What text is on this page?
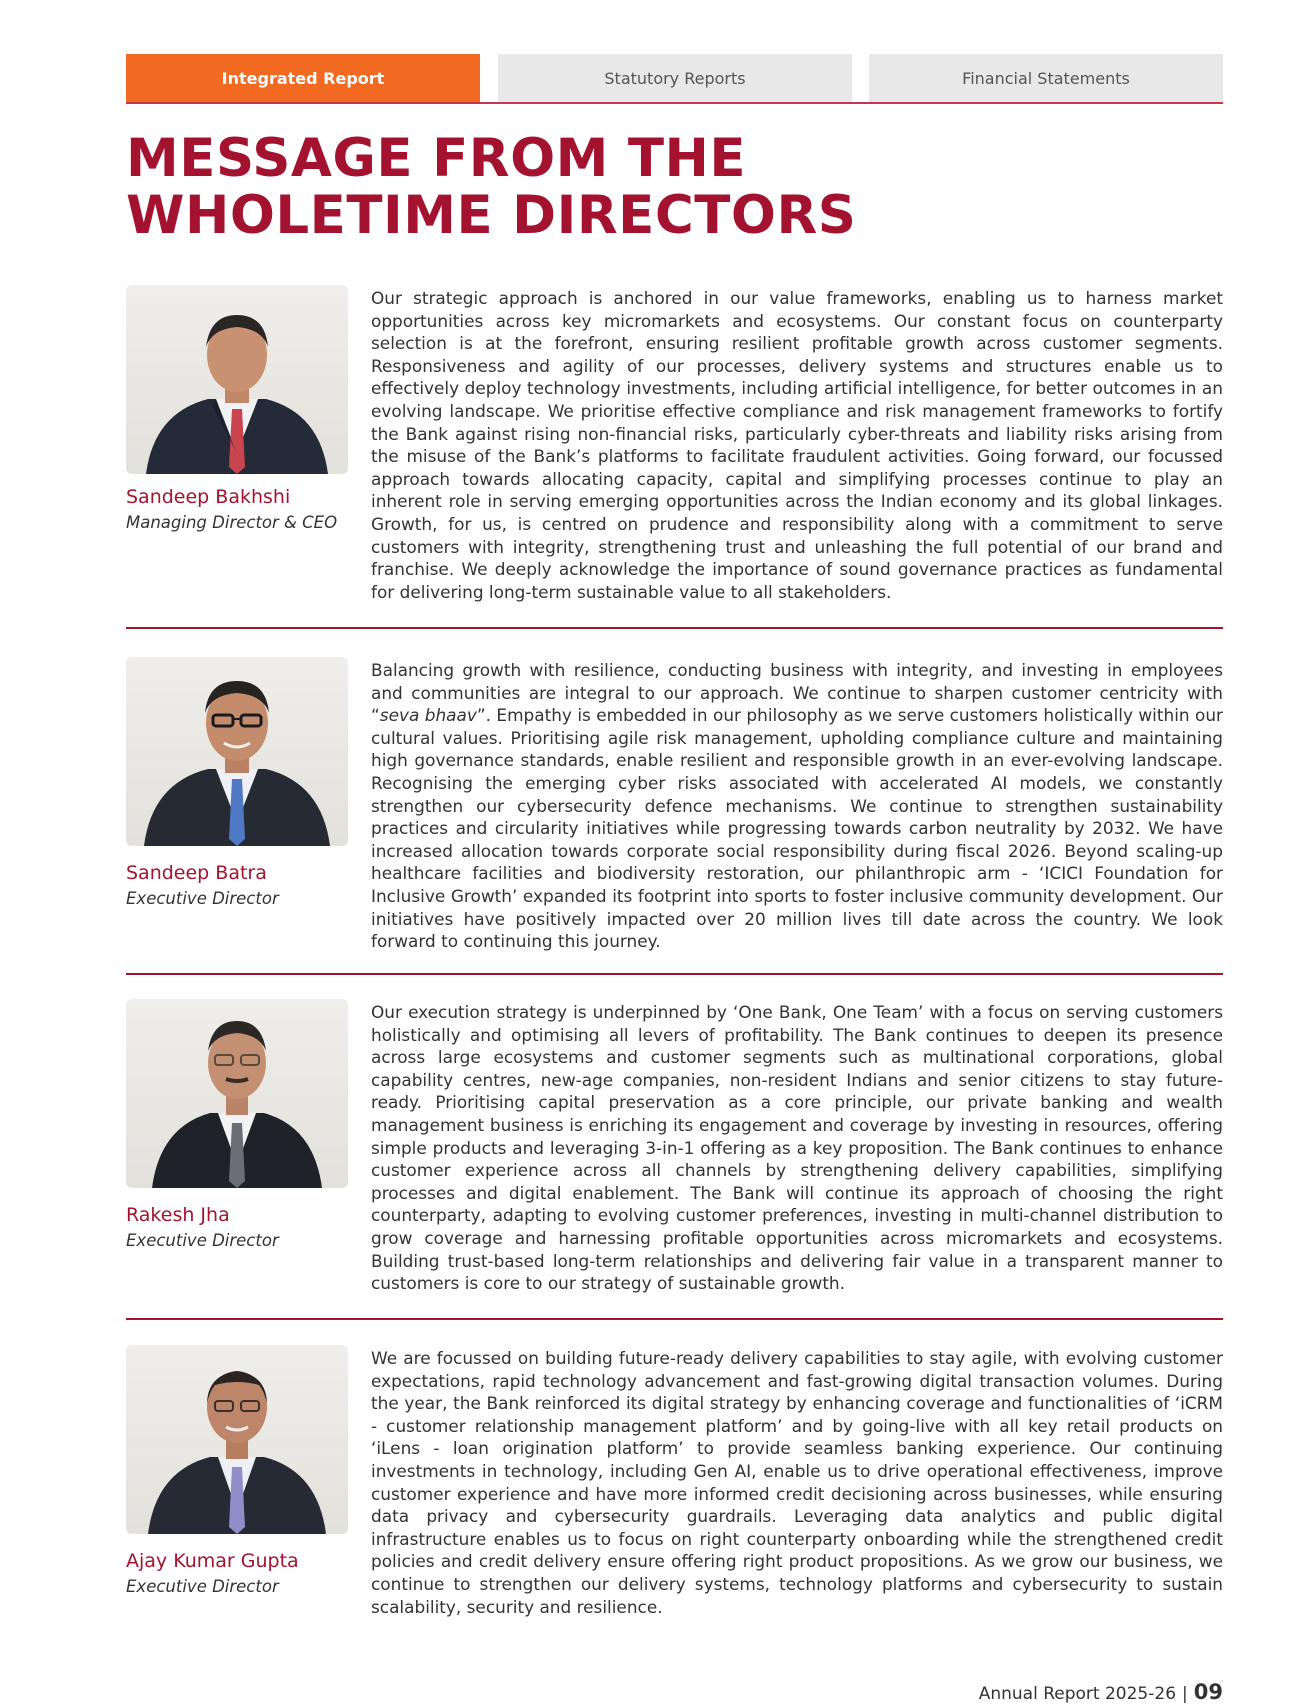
Integrated Report	Statutory Reports	Financial Statements
MESSAGE FROM THE WHOLETIME DIRECTORS
Sandeep Bakhshi
Managing Director & CEO

Our strategic approach is anchored in our value frameworks, enabling us to harness market opportunities across key micromarkets and ecosystems. Our constant focus on counterparty selection is at the forefront, ensuring resilient profitable growth across customer segments. Responsiveness and agility of our processes, delivery systems and structures enable us to effectively deploy technology investments, including artificial intelligence, for better outcomes in an evolving landscape. We prioritise effective compliance and risk management frameworks to fortify the Bank against rising non-financial risks, particularly cyber-threats and liability risks arising from the misuse of the Bank’s platforms to facilitate fraudulent activities. Going forward, our focussed approach towards allocating capacity, capital and simplifying processes continue to play an inherent role in serving emerging opportunities across the Indian economy and its global linkages. Growth, for us, is centred on prudence and responsibility along with a commitment to serve customers with integrity, strengthening trust and unleashing the full potential of our brand and franchise. We deeply acknowledge the importance of sound governance practices as fundamental for delivering long-term sustainable value to all stakeholders.

Sandeep Batra
Executive Director

Balancing growth with resilience, conducting business with integrity, and investing in employees and communities are integral to our approach. We continue to sharpen customer centricity with “seva bhaav”. Empathy is embedded in our philosophy as we serve customers holistically within our cultural values. Prioritising agile risk management, upholding compliance culture and maintaining high governance standards, enable resilient and responsible growth in an ever-evolving landscape. Recognising the emerging cyber risks associated with accelerated AI models, we constantly strengthen our cybersecurity defence mechanisms. We continue to strengthen sustainability practices and circularity initiatives while progressing towards carbon neutrality by 2032. We have increased allocation towards corporate social responsibility during fiscal 2026. Beyond scaling-up healthcare facilities and biodiversity restoration, our philanthropic arm - ‘ICICI Foundation for Inclusive Growth’ expanded its footprint into sports to foster inclusive community development. Our initiatives have positively impacted over 20 million lives till date across the country. We look forward to continuing this journey.

Rakesh Jha
Executive Director

Our execution strategy is underpinned by ‘One Bank, One Team’ with a focus on serving customers holistically and optimising all levers of profitability. The Bank continues to deepen its presence across large ecosystems and customer segments such as multinational corporations, global capability centres, new-age companies, non-resident Indians and senior citizens to stay future-ready. Prioritising capital preservation as a core principle, our private banking and wealth management business is enriching its engagement and coverage by investing in resources, offering simple products and leveraging 3-in-1 offering as a key proposition. The Bank continues to enhance customer experience across all channels by strengthening delivery capabilities, simplifying processes and digital enablement. The Bank will continue its approach of choosing the right counterparty, adapting to evolving customer preferences, investing in multi-channel distribution to grow coverage and harnessing profitable opportunities across micromarkets and ecosystems. Building trust-based long-term relationships and delivering fair value in a transparent manner to customers is core to our strategy of sustainable growth.

Ajay Kumar Gupta
Executive Director

We are focussed on building future-ready delivery capabilities to stay agile, with evolving customer expectations, rapid technology advancement and fast-growing digital transaction volumes. During the year, the Bank reinforced its digital strategy by enhancing coverage and functionalities of ‘iCRM - customer relationship management platform’ and by going-live with all key retail products on ‘iLens - loan origination platform’ to provide seamless banking experience. Our continuing investments in technology, including Gen AI, enable us to drive operational effectiveness, improve customer experience and have more informed credit decisioning across businesses, while ensuring data privacy and cybersecurity guardrails. Leveraging data analytics and public digital infrastructure enables us to focus on right counterparty onboarding while the strengthened credit policies and credit delivery ensure offering right product propositions. As we grow our business, we continue to strengthen our delivery systems, technology platforms and cybersecurity to sustain scalability, security and resilience.

Annual Report 2025-26 | 09
